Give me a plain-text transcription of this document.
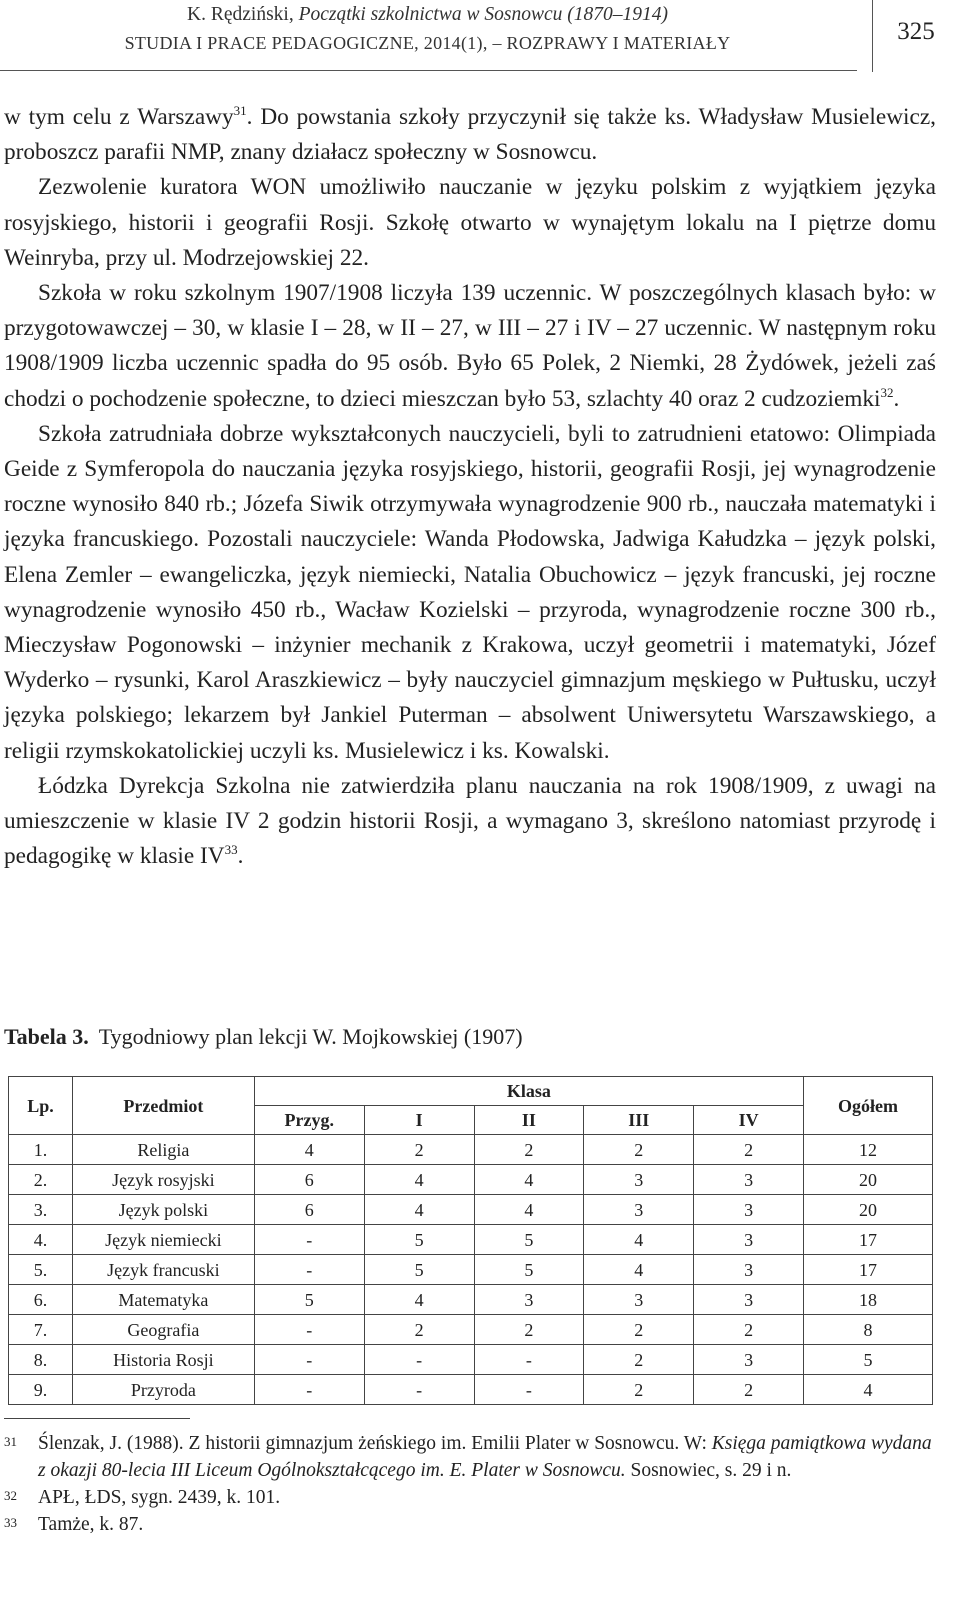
K. Rędziński, Początki szkolnictwa w Sosnowcu (1870–1914)
STUDIA I PRACE PEDAGOGICZNE, 2014(1), – ROZPRAWY I MATERIAŁY	325

w tym celu z Warszawy$^{31}$. Do powstania szkoły przyczynił się także ks. Władysław Musielewicz, proboszcz parafii NMP, znany działacz społeczny w Sosnowcu.

Zezwolenie kuratora WON umożliwiło nauczanie w języku polskim z wyjątkiem języka rosyjskiego, historii i geografii Rosji. Szkołę otwarto w wynajętym lokalu na I piętrze domu Weinryba, przy ul. Modrzejowskiej 22.

Szkoła w roku szkolnym 1907/1908 liczyła 139 uczennic. W poszczególnych klasach było: w przygotowawczej – 30, w klasie I – 28, w II – 27, w III – 27 i IV – 27 uczennic. W następnym roku 1908/1909 liczba uczennic spadła do 95 osób. Było 65 Polek, 2 Niemki, 28 Żydówek, jeżeli zaś chodzi o pochodzenie społeczne, to dzieci mieszczan było 53, szlachty 40 oraz 2 cudzoziemki$^{32}$.

Szkoła zatrudniała dobrze wykształconych nauczycieli, byli to zatrudnieni etatowo: Olimpiada Geide z Symferopola do nauczania języka rosyjskiego, historii, geografii Rosji, jej wynagrodzenie roczne wynosiło 840 rb.; Józefa Siwik otrzymywała wynagrodzenie 900 rb., nauczała matematyki i języka francuskiego. Pozostali nauczyciele: Wanda Płodowska, Jadwiga Kałudzka – język polski, Elena Zemler – ewangeliczka, język niemiecki, Natalia Obuchowicz – język francuski, jej roczne wynagrodzenie wynosiło 450 rb., Wacław Kozielski – przyroda, wynagrodzenie roczne 300 rb., Mieczysław Pogonowski – inżynier mechanik z Krakowa, uczył geometrii i matematyki, Józef Wyderko – rysunki, Karol Araszkiewicz – były nauczyciel gimnazjum męskiego w Pułtusku, uczył języka polskiego; lekarzem był Jankiel Puterman – absolwent Uniwersytetu Warszawskiego, a religii rzymskokatolickiej uczyli ks. Musielewicz i ks. Kowalski.

Łódzka Dyrekcja Szkolna nie zatwierdziła planu nauczania na rok 1908/1909, z uwagi na umieszczenie w klasie IV 2 godzin historii Rosji, a wymagano 3, skreślono natomiast przyrodę i pedagogikę w klasie IV$^{33}$.

Tabela 3. Tygodniowy plan lekcji W. Mojkowskiej (1907)
Lp.	Przedmiot	Klasa					Ogółem
		Przyg.	I	II	III	IV	
1.	Religia	4	2	2	2	2	12
2.	Język rosyjski	6	4	4	3	3	20
3.	Język polski	6	4	4	3	3	20
4.	Język niemiecki	-	5	5	4	3	17
5.	Język francuski	-	5	5	4	3	17
6.	Matematyka	5	4	3	3	3	18
7.	Geografia	-	2	2	2	2	8
8.	Historia Rosji	-	-	-	2	3	5
9.	Przyroda	-	-	-	2	2	4
31 Ślenzak, J. (1988). Z historii gimnazjum żeńskiego im. Emilii Plater w Sosnowcu. W: Księga pamiątkowa wydana z okazji 80-lecia III Liceum Ogólnokształcącego im. E. Plater w Sosnowcu. Sosnowiec, s. 29 i n.
32 APŁ, ŁDS, sygn. 2439, k. 101.
33 Tamże, k. 87.
